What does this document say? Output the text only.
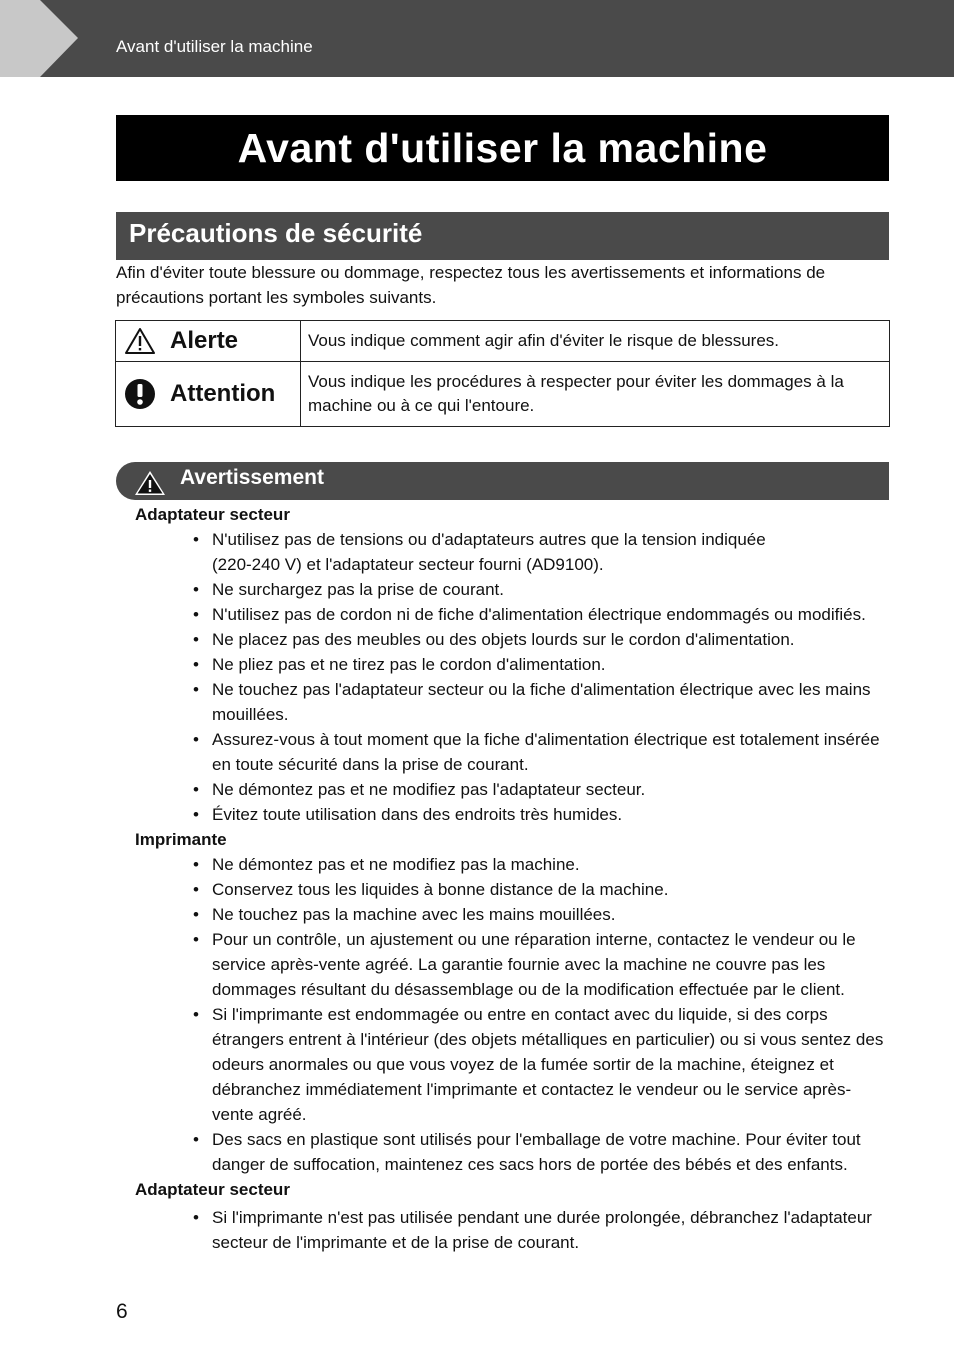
Avant d'utiliser la machine
Avant d'utiliser la machine
Précautions de sécurité

Afin d'éviter toute blessure ou dommage, respectez tous les avertissements et informations de précautions portant les symboles suivants.

Alerte	Vous indique comment agir afin d'éviter le risque de blessures.

Attention	Vous indique les procédures à respecter pour éviter les dommages à la machine ou à ce qui l'entoure.
Avertissement
Adaptateur secteur
• N'utilisez pas de tensions ou d'adaptateurs autres que la tension indiquée
(220-240 V) et l'adaptateur secteur fourni (AD9100).
• Ne surchargez pas la prise de courant.
• N'utilisez pas de cordon ni de fiche d'alimentation électrique endommagés ou modifiés.
• Ne placez pas des meubles ou des objets lourds sur le cordon d'alimentation.
• Ne pliez pas et ne tirez pas le cordon d'alimentation.
• Ne touchez pas l'adaptateur secteur ou la fiche d'alimentation électrique avec les mains mouillées.
• Assurez-vous à tout moment que la fiche d'alimentation électrique est totalement insérée en toute sécurité dans la prise de courant.
• Ne démontez pas et ne modifiez pas l'adaptateur secteur.
• Évitez toute utilisation dans des endroits très humides.
Imprimante
• Ne démontez pas et ne modifiez pas la machine.
• Conservez tous les liquides à bonne distance de la machine.
• Ne touchez pas la machine avec les mains mouillées.
• Pour un contrôle, un ajustement ou une réparation interne, contactez le vendeur ou le service après-vente agréé. La garantie fournie avec la machine ne couvre pas les dommages résultant du désassemblage ou de la modification effectuée par le client.
• Si l'imprimante est endommagée ou entre en contact avec du liquide, si des corps étrangers entrent à l'intérieur (des objets métalliques en particulier) ou si vous sentez des odeurs anormales ou que vous voyez de la fumée sortir de la machine, éteignez et débranchez immédiatement l'imprimante et contactez le vendeur ou le service après-vente agréé.
• Des sacs en plastique sont utilisés pour l'emballage de votre machine. Pour éviter tout danger de suffocation, maintenez ces sacs hors de portée des bébés et des enfants.
Adaptateur secteur
• Si l'imprimante n'est pas utilisée pendant une durée prolongée, débranchez l'adaptateur secteur de l'imprimante et de la prise de courant.
6
